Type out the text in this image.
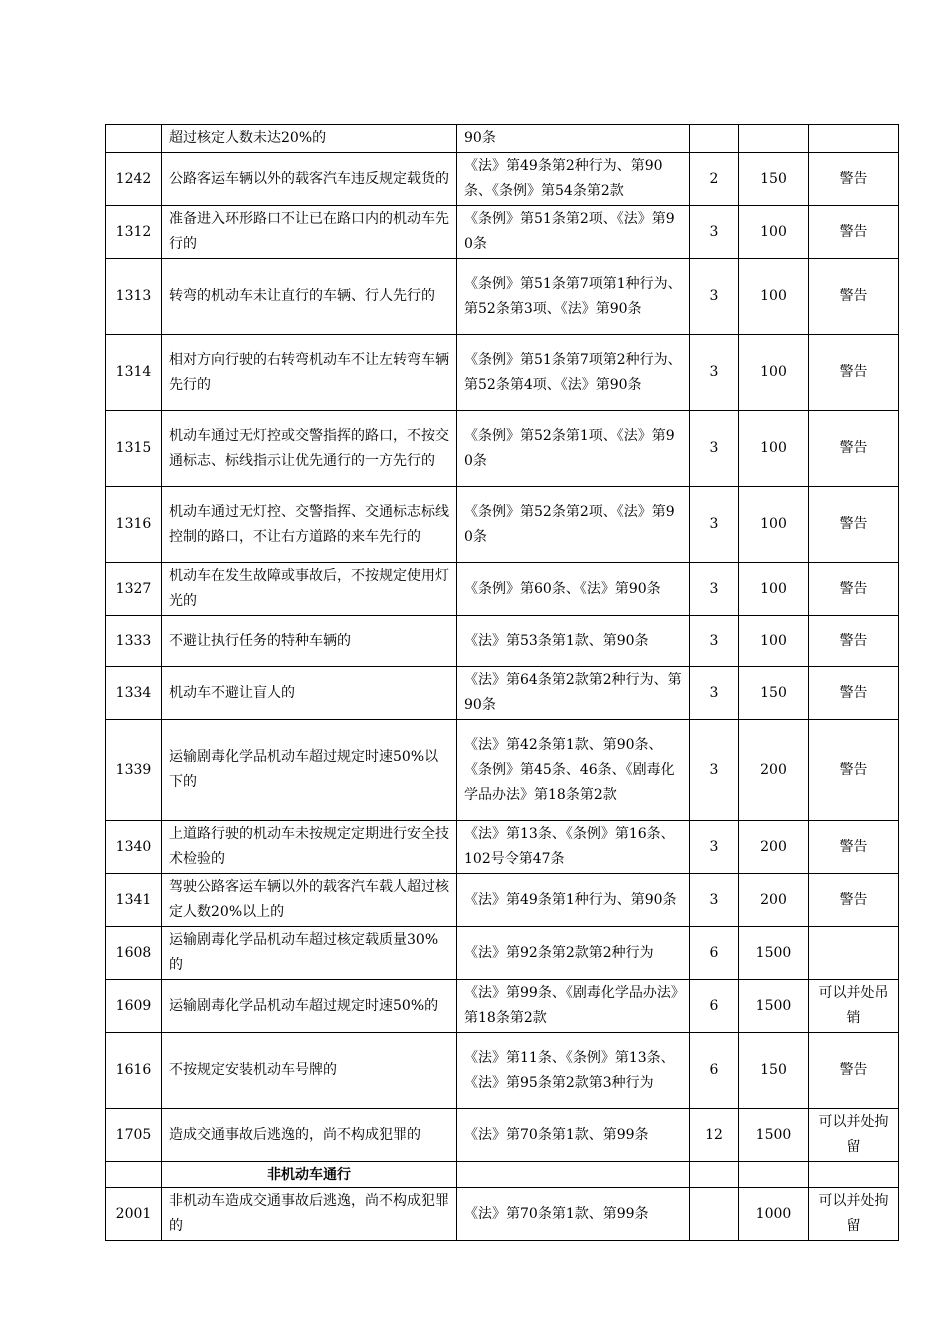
	超过核定人数未达20%的	90条			
1242	公路客运车辆以外的载客汽车违反规定载货的	《法》第49条第2种行为、第90条、《条例》第54条第2款	2	150	警告
1312	准备进入环形路口不让已在路口内的机动车先行的	《条例》第51条第2项、《法》第90条	3	100	警告
1313	转弯的机动车未让直行的车辆、行人先行的	《条例》第51条第7项第1种行为、第52条第3项、《法》第90条	3	100	警告
1314	相对方向行驶的右转弯机动车不让左转弯车辆先行的	《条例》第51条第7项第2种行为、第52条第4项、《法》第90条	3	100	警告
1315	机动车通过无灯控或交警指挥的路口，不按交通标志、标线指示让优先通行的一方先行的	《条例》第52条第1项、《法》第90条	3	100	警告
1316	机动车通过无灯控、交警指挥、交通标志标线控制的路口，不让右方道路的来车先行的	《条例》第52条第2项、《法》第90条	3	100	警告
1327	机动车在发生故障或事故后，不按规定使用灯光的	《条例》第60条、《法》第90条	3	100	警告
1333	不避让执行任务的特种车辆的	《法》第53条第1款、第90条	3	100	警告
1334	机动车不避让盲人的	《法》第64条第2款第2种行为、第90条	3	150	警告
1339	运输剧毒化学品机动车超过规定时速50%以下的	《法》第42条第1款、第90条、《条例》第45条、46条、《剧毒化学品办法》第18条第2款	3	200	警告
1340	上道路行驶的机动车未按规定定期进行安全技术检验的	《法》第13条、《条例》第16条、102号令第47条	3	200	警告
1341	驾驶公路客运车辆以外的载客汽车载人超过核定人数20%以上的	《法》第49条第1种行为、第90条	3	200	警告
1608	运输剧毒化学品机动车超过核定载质量30%的	《法》第92条第2款第2种行为	6	1500	
1609	运输剧毒化学品机动车超过规定时速50%的	《法》第99条、《剧毒化学品办法》第18条第2款	6	1500	可以并处吊销
1616	不按规定安装机动车号牌的	《法》第11条、《条例》第13条、《法》第95条第2款第3种行为	6	150	警告
1705	造成交通事故后逃逸的，尚不构成犯罪的	《法》第70条第1款、第99条	12	1500	可以并处拘留
	非机动车通行				
2001	非机动车造成交通事故后逃逸，尚不构成犯罪的	《法》第70条第1款、第99条		1000	可以并处拘留
